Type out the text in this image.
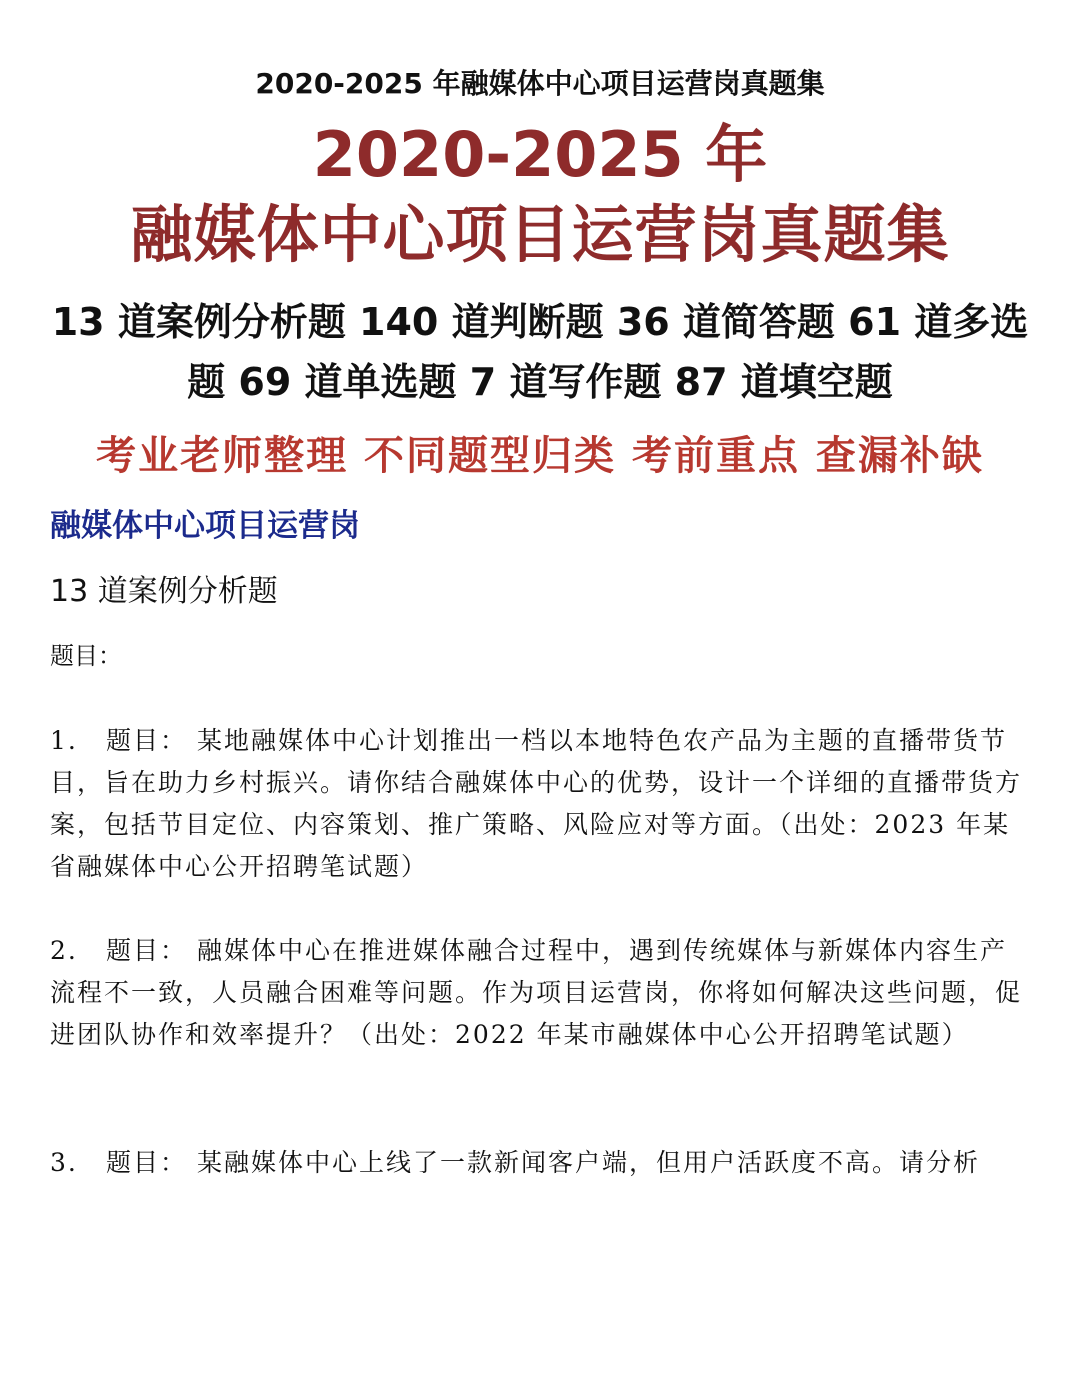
2020-2025 年融媒体中心项目运营岗真题集
2020-2025 年
融媒体中心项目运营岗真题集
13 道案例分析题 140 道判断题 36 道简答题 61 道多选题 69 道单选题 7 道写作题 87 道填空题
考业老师整理 不同题型归类 考前重点 查漏补缺
融媒体中心项目运营岗
13 道案例分析题
题目：
1. 题目： 某地融媒体中心计划推出一档以本地特色农产品为主题的直播带货节目，旨在助力乡村振兴。请你结合融媒体中心的优势，设计一个详细的直播带货方案，包括节目定位、内容策划、推广策略、风险应对等方面。（出处：2023 年某省融媒体中心公开招聘笔试题）
2. 题目： 融媒体中心在推进媒体融合过程中，遇到传统媒体与新媒体内容生产流程不一致，人员融合困难等问题。作为项目运营岗，你将如何解决这些问题，促进团队协作和效率提升？（出处：2022 年某市融媒体中心公开招聘笔试题）
3. 题目： 某融媒体中心上线了一款新闻客户端，但用户活跃度不高。请分析
